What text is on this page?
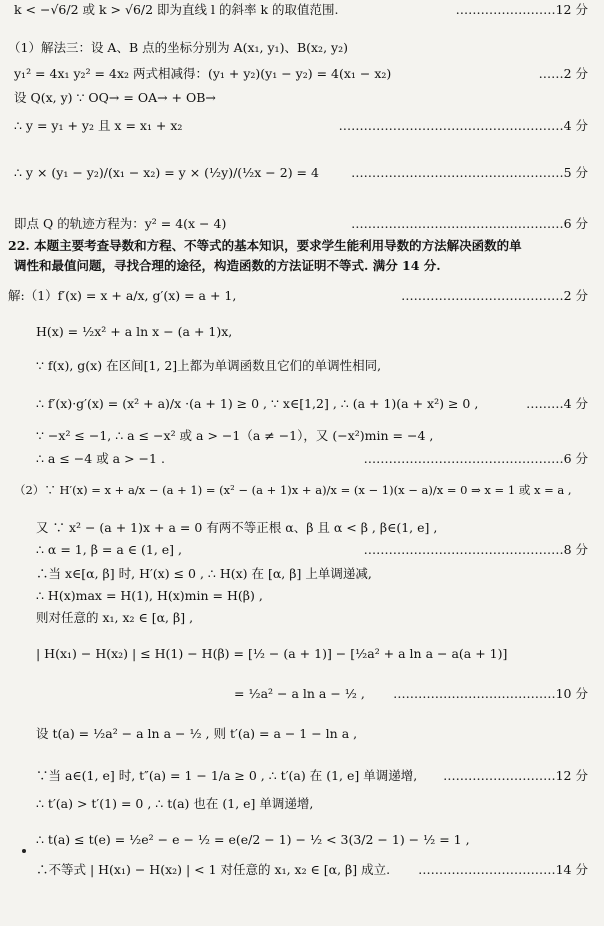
k < −√6/2 或 k > √6/2 即为直线 l 的斜率 k 的取值范围.	……………………12 分
（1）解法三：设 A、B 点的坐标分别为 A(x₁, y₁)、B(x₂, y₂)
y₁² = 4x₁ y₂² = 4x₂ 两式相减得：(y₁ + y₂)(y₁ − y₂) = 4(x₁ − x₂)	……2 分
设 Q(x, y) ∵ OQ→ = OA→ + OB→
∴ y = y₁ + y₂ 且 x = x₁ + x₂	………………………………………………4 分
∴ y × (y₁ − y₂)/(x₁ − x₂) = y × (½y)/(½x − 2) = 4	……………………………………………5 分
即点 Q 的轨迹方程为：y² = 4(x − 4)	……………………………………………6 分
22. 本题主要考查导数和方程、不等式的基本知识，要求学生能利用导数的方法解决函数的单
调性和最值问题，寻找合理的途径，构造函数的方法证明不等式. 满分 14 分.
解:（1）f′(x) = x + a/x, g′(x) = a + 1,	…………………………………2 分
H(x) = ½x² + a ln x − (a + 1)x,
∵ f(x), g(x) 在区间[1, 2]上都为单调函数且它们的单调性相同,
∴ f′(x)·g′(x) = (x² + a)/x ·(a + 1) ≥ 0 , ∵ x∈[1,2] , ∴ (a + 1)(a + x²) ≥ 0 ,	………4 分
∵ −x² ≤ −1, ∴ a ≤ −x² 或 a > −1（a ≠ −1），又 (−x²)min = −4 ,
∴ a ≤ −4 或 a > −1 .	…………………………………………6 分
（2）∵ H′(x) = x + a/x − (a + 1) = (x² − (a + 1)x + a)/x = (x − 1)(x − a)/x = 0 ⇒ x = 1 或 x = a ,
又 ∵ x² − (a + 1)x + a = 0 有两不等正根 α、β 且 α < β , β∈(1, e] ,
∴ α = 1, β = a ∈ (1, e] ,	…………………………………………8 分
∴当 x∈[α, β] 时, H′(x) ≤ 0 , ∴ H(x) 在 [α, β] 上单调递减,
∴ H(x)max = H(1), H(x)min = H(β) ,
则对任意的 x₁, x₂ ∈ [α, β] ,
| H(x₁) − H(x₂) | ≤ H(1) − H(β) = [½ − (a + 1)] − [½a² + a ln a − a(a + 1)]
= ½a² − a ln a − ½ , …………………………………10 分
设 t(a) = ½a² − a ln a − ½ , 则 t′(a) = a − 1 − ln a ,
∵当 a∈(1, e] 时, t″(a) = 1 − 1/a ≥ 0 , ∴ t′(a) 在 (1, e] 单调递增, ………………………12 分
∴ t′(a) > t′(1) = 0 , ∴ t(a) 也在 (1, e] 单调递增,
∴ t(a) ≤ t(e) = ½e² − e − ½ = e(e/2 − 1) − ½ < 3(3/2 − 1) − ½ = 1 ,
∴不等式 | H(x₁) − H(x₂) | < 1 对任意的 x₁, x₂ ∈ [α, β] 成立. ……………………………14 分
